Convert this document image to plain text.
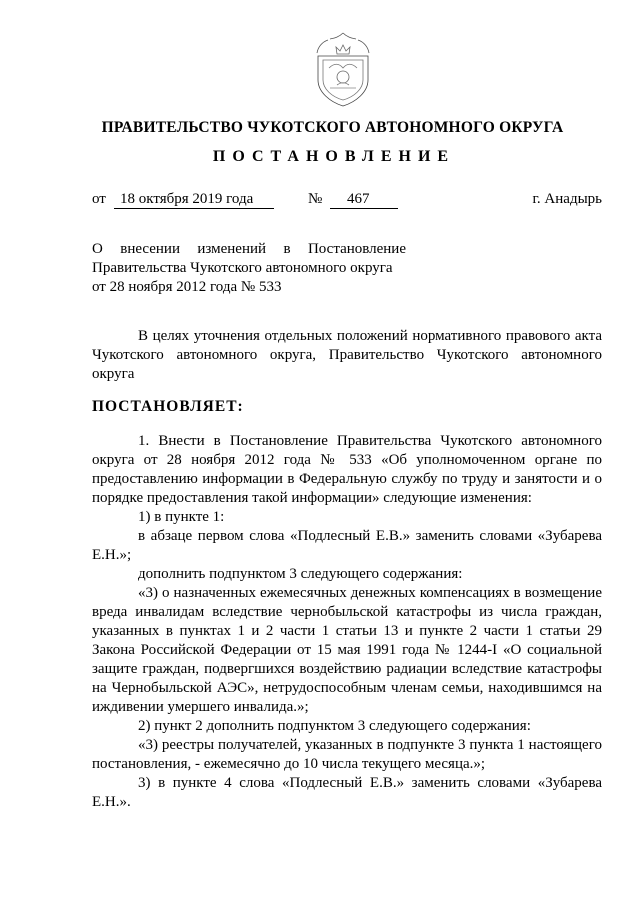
ПРАВИТЕЛЬСТВО ЧУКОТСКОГО АВТОНОМНОГО ОКРУГА
ПОСТАНОВЛЕНИЕ
от 18 октября 2019 года	№	467	г. Анадырь
О внесении изменений в Постановление Правительства Чукотского автономного округа
от 28 ноября 2012 года № 533

В целях уточнения отдельных положений нормативного правового акта Чукотского автономного округа, Правительство Чукотского автономного округа

ПОСТАНОВЛЯЕТ:

1. Внести в Постановление Правительства Чукотского автономного округа от 28 ноября 2012 года № 533 «Об уполномоченном органе по предоставлению информации в Федеральную службу по труду и занятости и о порядке предоставления такой информации» следующие изменения:

1) в пункте 1:

в абзаце первом слова «Подлесный Е.В.» заменить словами «Зубарева Е.Н.»;

дополнить подпунктом 3 следующего содержания:

«3) о назначенных ежемесячных денежных компенсациях в возмещение вреда инвалидам вследствие чернобыльской катастрофы из числа граждан, указанных в пунктах 1 и 2 части 1 статьи 13 и пункте 2 части 1 статьи 29 Закона Российской Федерации от 15 мая 1991 года № 1244-I «О социальной защите граждан, подвергшихся воздействию радиации вследствие катастрофы на Чернобыльской АЭС», нетрудоспособным членам семьи, находившимся на иждивении умершего инвалида.»;

2) пункт 2 дополнить подпунктом 3 следующего содержания:

«3) реестры получателей, указанных в подпункте 3 пункта 1 настоящего постановления, - ежемесячно до 10 числа текущего месяца.»;

3) в пункте 4 слова «Подлесный Е.В.» заменить словами «Зубарева Е.Н.».
